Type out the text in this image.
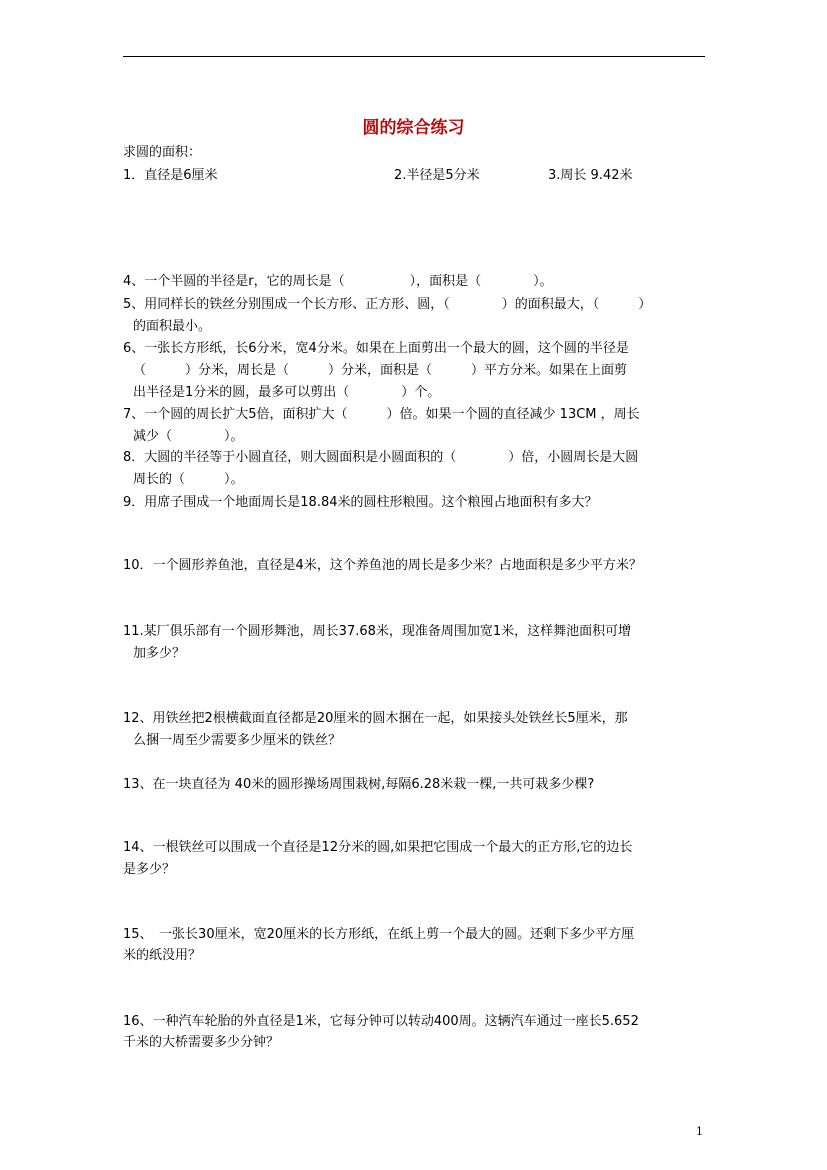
圆的综合练习
求圆的面积：
1．直径是6厘米	2.半径是5分米	3.周长 9.42米
4、一个半圆的半径是r，它的周长是（　　　　　），面积是（　　　　）。
5、用同样长的铁丝分别围成一个长方形、正方形、圆，（　　　　）的面积最大，（　　　）
的面积最小。
6、一张长方形纸，长6分米，宽4分米。如果在上面剪出一个最大的圆，这个圆的半径是
（　　　）分米，周长是（　　　）分米，面积是（　　　）平方分米。如果在上面剪
出半径是1分米的圆，最多可以剪出（　　　　）个。
7、一个圆的周长扩大5倍，面积扩大（　　　）倍。如果一个圆的直径减少 13CM ，周长
减少（　　　　）。
8．大圆的半径等于小圆直径，则大圆面积是小圆面积的（　　　　）倍，小圆周长是大圆
周长的（　　　）。
9．用席子围成一个地面周长是18.84米的圆柱形粮囤。这个粮囤占地面积有多大？
10．一个圆形养鱼池，直径是4米，这个养鱼池的周长是多少米？占地面积是多少平方米？
11.某厂俱乐部有一个圆形舞池，周长37.68米，现准备周围加宽1米，这样舞池面积可增
加多少？
12、用铁丝把2根横截面直径都是20厘米的圆木捆在一起，如果接头处铁丝长5厘米，那
么捆一周至少需要多少厘米的铁丝？
13、在一块直径为 40米的圆形操场周围栽树,每隔6.28米栽一棵,一共可栽多少棵?
14、一根铁丝可以围成一个直径是12分米的圆,如果把它围成一个最大的正方形,它的边长
是多少？
15、　一张长30厘米，宽20厘米的长方形纸，在纸上剪一个最大的圆。还剩下多少平方厘
米的纸没用？
16、一种汽车轮胎的外直径是1米，它每分钟可以转动400周。这辆汽车通过一座长5.652
千米的大桥需要多少分钟？
1
